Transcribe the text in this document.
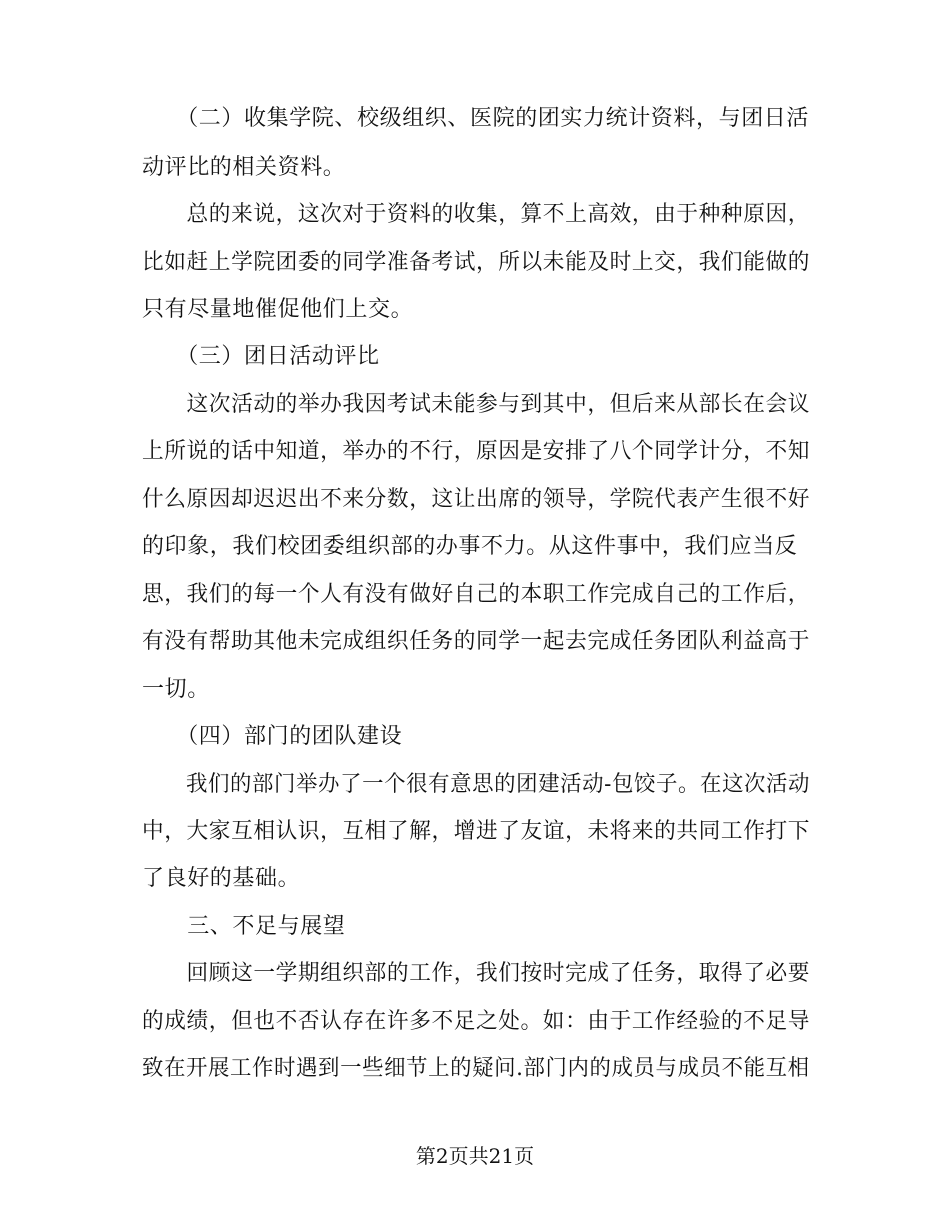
　　（二）收集学院、校级组织、医院的团实力统计资料，与团日活
动评比的相关资料。
　　总的来说，这次对于资料的收集，算不上高效，由于种种原因，
比如赶上学院团委的同学准备考试，所以未能及时上交，我们能做的
只有尽量地催促他们上交。
　　（三）团日活动评比
　　这次活动的举办我因考试未能参与到其中，但后来从部长在会议
上所说的话中知道，举办的不行，原因是安排了八个同学计分，不知
什么原因却迟迟出不来分数，这让出席的领导，学院代表产生很不好
的印象，我们校团委组织部的办事不力。从这件事中，我们应当反
思，我们的每一个人有没有做好自己的本职工作完成自己的工作后，
有没有帮助其他未完成组织任务的同学一起去完成任务团队利益高于
一切。
　　（四）部门的团队建设
　　我们的部门举办了一个很有意思的团建活动-包饺子。在这次活动
中，大家互相认识，互相了解，增进了友谊，未将来的共同工作打下
了良好的基础。
　　三、不足与展望
　　回顾这一学期组织部的工作，我们按时完成了任务，取得了必要
的成绩，但也不否认存在许多不足之处。如：由于工作经验的不足导
致在开展工作时遇到一些细节上的疑问.部门内的成员与成员不能互相
第2页共21页
